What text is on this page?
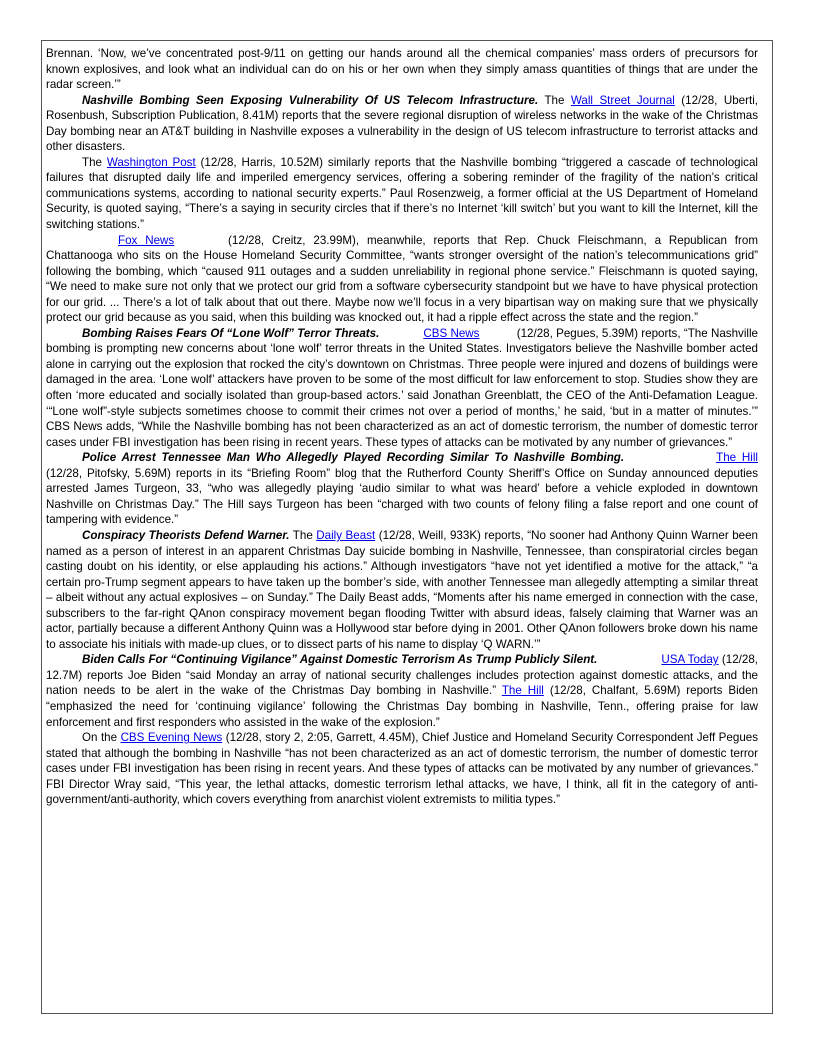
Brennan. ‘Now, we’ve concentrated post-9/11 on getting our hands around all the chemical companies’ mass orders of precursors for known explosives, and look what an individual can do on his or her own when they simply amass quantities of things that are under the radar screen.’”

Nashville Bombing Seen Exposing Vulnerability Of US Telecom Infrastructure. The Wall Street Journal (12/28, Uberti, Rosenbush, Subscription Publication, 8.41M) reports that the severe regional disruption of wireless networks in the wake of the Christmas Day bombing near an AT&T building in Nashville exposes a vulnerability in the design of US telecom infrastructure to terrorist attacks and other disasters.

The Washington Post (12/28, Harris, 10.52M) similarly reports that the Nashville bombing “triggered a cascade of technological failures that disrupted daily life and imperiled emergency services, offering a sobering reminder of the fragility of the nation’s critical communications systems, according to national security experts.” Paul Rosenzweig, a former official at the US Department of Homeland Security, is quoted saying, “There’s a saying in security circles that if there’s no Internet ‘kill switch’ but you want to kill the Internet, kill the switching stations.”

Fox News	(12/28, Creitz, 23.99M), meanwhile, reports that Rep. Chuck Fleischmann, a Republican from Chattanooga who sits on the House Homeland Security Committee, “wants stronger oversight of the nation’s telecommunications grid” following the bombing, which “caused 911 outages and a sudden unreliability in regional phone service.” Fleischmann is quoted saying, “We need to make sure not only that we protect our grid from a software cybersecurity standpoint but we have to have physical protection for our grid. ... There’s a lot of talk about that out there. Maybe now we’ll focus in a very bipartisan way on making sure that we physically protect our grid because as you said, when this building was knocked out, it had a ripple effect across the state and the region.”

Bombing Raises Fears Of “Lone Wolf” Terror Threats.	CBS News	(12/28, Pegues, 5.39M) reports, “The Nashville bombing is prompting new concerns about ‘lone wolf’ terror threats in the United States. Investigators believe the Nashville bomber acted alone in carrying out the explosion that rocked the city’s downtown on Christmas. Three people were injured and dozens of buildings were damaged in the area. ‘Lone wolf’ attackers have proven to be some of the most difficult for law enforcement to stop. Studies show they are often ‘more educated and socially isolated than group-based actors.’ said Jonathan Greenblatt, the CEO of the Anti-Defamation League. ‘“Lone wolf”-style subjects sometimes choose to commit their crimes not over a period of months,’ he said, ‘but in a matter of minutes.’” CBS News adds, “While the Nashville bombing has not been characterized as an act of domestic terrorism, the number of domestic terror cases under FBI investigation has been rising in recent years. These types of attacks can be motivated by any number of grievances.”

Police Arrest Tennessee Man Who Allegedly Played Recording Similar To Nashville Bombing.	The Hill (12/28, Pitofsky, 5.69M) reports in its “Briefing Room” blog that the Rutherford County Sheriff’s Office on Sunday announced deputies arrested James Turgeon, 33, “who was allegedly playing ‘audio similar to what was heard’ before a vehicle exploded in downtown Nashville on Christmas Day.” The Hill says Turgeon has been “charged with two counts of felony filing a false report and one count of tampering with evidence.”

Conspiracy Theorists Defend Warner. The Daily Beast (12/28, Weill, 933K) reports, “No sooner had Anthony Quinn Warner been named as a person of interest in an apparent Christmas Day suicide bombing in Nashville, Tennessee, than conspiratorial circles began casting doubt on his identity, or else applauding his actions.” Although investigators “have not yet identified a motive for the attack,” “a certain pro-Trump segment appears to have taken up the bomber’s side, with another Tennessee man allegedly attempting a similar threat – albeit without any actual explosives – on Sunday.” The Daily Beast adds, “Moments after his name emerged in connection with the case, subscribers to the far-right QAnon conspiracy movement began flooding Twitter with absurd ideas, falsely claiming that Warner was an actor, partially because a different Anthony Quinn was a Hollywood star before dying in 2001. Other QAnon followers broke down his name to associate his initials with made-up clues, or to dissect parts of his name to display ‘Q WARN.’”

Biden Calls For “Continuing Vigilance” Against Domestic Terrorism As Trump Publicly Silent.	USA Today (12/28, 12.7M) reports Joe Biden “said Monday an array of national security challenges includes protection against domestic attacks, and the nation needs to be alert in the wake of the Christmas Day bombing in Nashville.” The Hill (12/28, Chalfant, 5.69M) reports Biden “emphasized the need for ‘continuing vigilance’ following the Christmas Day bombing in Nashville, Tenn., offering praise for law enforcement and first responders who assisted in the wake of the explosion.”

On the CBS Evening News (12/28, story 2, 2:05, Garrett, 4.45M), Chief Justice and Homeland Security Correspondent Jeff Pegues stated that although the bombing in Nashville “has not been characterized as an act of domestic terrorism, the number of domestic terror cases under FBI investigation has been rising in recent years. And these types of attacks can be motivated by any number of grievances.” FBI Director Wray said, “This year, the lethal attacks, domestic terrorism lethal attacks, we have, I think, all fit in the category of anti-government/anti-authority, which covers everything from anarchist violent extremists to militia types.”
